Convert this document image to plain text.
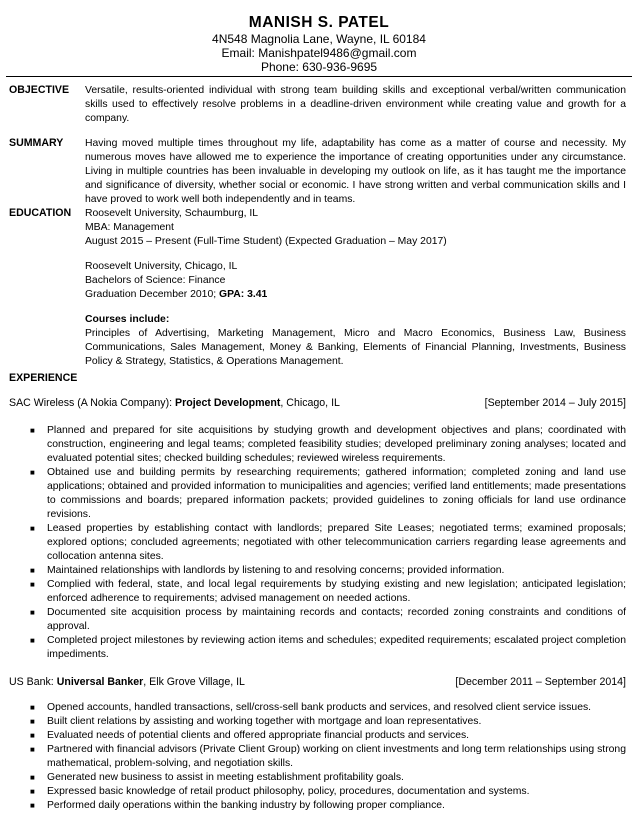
MANISH S. PATEL
4N548 Magnolia Lane, Wayne, IL 60184
Email: Manishpatel9486@gmail.com
Phone: 630-936-9695
OBJECTIVE Versatile, results-oriented individual with strong team building skills and exceptional verbal/written communication skills used to effectively resolve problems in a deadline-driven environment while creating value and growth for a company.

SUMMARY Having moved multiple times throughout my life, adaptability has come as a matter of course and necessity. My numerous moves have allowed me to experience the importance of creating opportunities under any circumstance. Living in multiple countries has been invaluable in developing my outlook on life, as it has taught me the importance and significance of diversity, whether social or economic. I have strong written and verbal communication skills and I have proved to work well both independently and in teams.

EDUCATION Roosevelt University, Schaumburg, IL

MBA: Management

August 2015 – Present (Full-Time Student) (Expected Graduation – May 2017)

Roosevelt University, Chicago, IL

Bachelors of Science: Finance

Graduation December 2010; GPA: 3.41

Courses include:

Principles of Advertising, Marketing Management, Micro and Macro Economics, Business Law, Business Communications, Sales Management, Money & Banking, Elements of Financial Planning, Investments, Business Policy & Strategy, Statistics, & Operations Management.

EXPERIENCE
SAC Wireless (A Nokia Company): Project Development, Chicago, IL	[September 2014 – July 2015]
■ Planned and prepared for site acquisitions by studying growth and development objectives and plans; coordinated with construction, engineering and legal teams; completed feasibility studies; developed preliminary zoning analyses; located and evaluated potential sites; checked building schedules; reviewed wireless requirements.
■ Obtained use and building permits by researching requirements; gathered information; completed zoning and land use applications; obtained and provided information to municipalities and agencies; verified land entitlements; made presentations to commissions and boards; prepared information packets; provided guidelines to zoning officials for land use ordinance revisions.
■ Leased properties by establishing contact with landlords; prepared Site Leases; negotiated terms; examined proposals; explored options; concluded agreements; negotiated with other telecommunication carriers regarding lease agreements and collocation antenna sites.
■ Maintained relationships with landlords by listening to and resolving concerns; provided information.
■ Complied with federal, state, and local legal requirements by studying existing and new legislation; anticipated legislation; enforced adherence to requirements; advised management on needed actions.
■ Documented site acquisition process by maintaining records and contacts; recorded zoning constraints and conditions of approval.
■ Completed project milestones by reviewing action items and schedules; expedited requirements; escalated project completion impediments.
US Bank: Universal Banker, Elk Grove Village, IL	[December 2011 – September 2014]
■ Opened accounts, handled transactions, sell/cross-sell bank products and services, and resolved client service issues.
■ Built client relations by assisting and working together with mortgage and loan representatives.
■ Evaluated needs of potential clients and offered appropriate financial products and services.
■ Partnered with financial advisors (Private Client Group) working on client investments and long term relationships using strong mathematical, problem-solving, and negotiation skills.
■ Generated new business to assist in meeting establishment profitability goals.
■ Expressed basic knowledge of retail product philosophy, policy, procedures, documentation and systems.
■ Performed daily operations within the banking industry by following proper compliance.
